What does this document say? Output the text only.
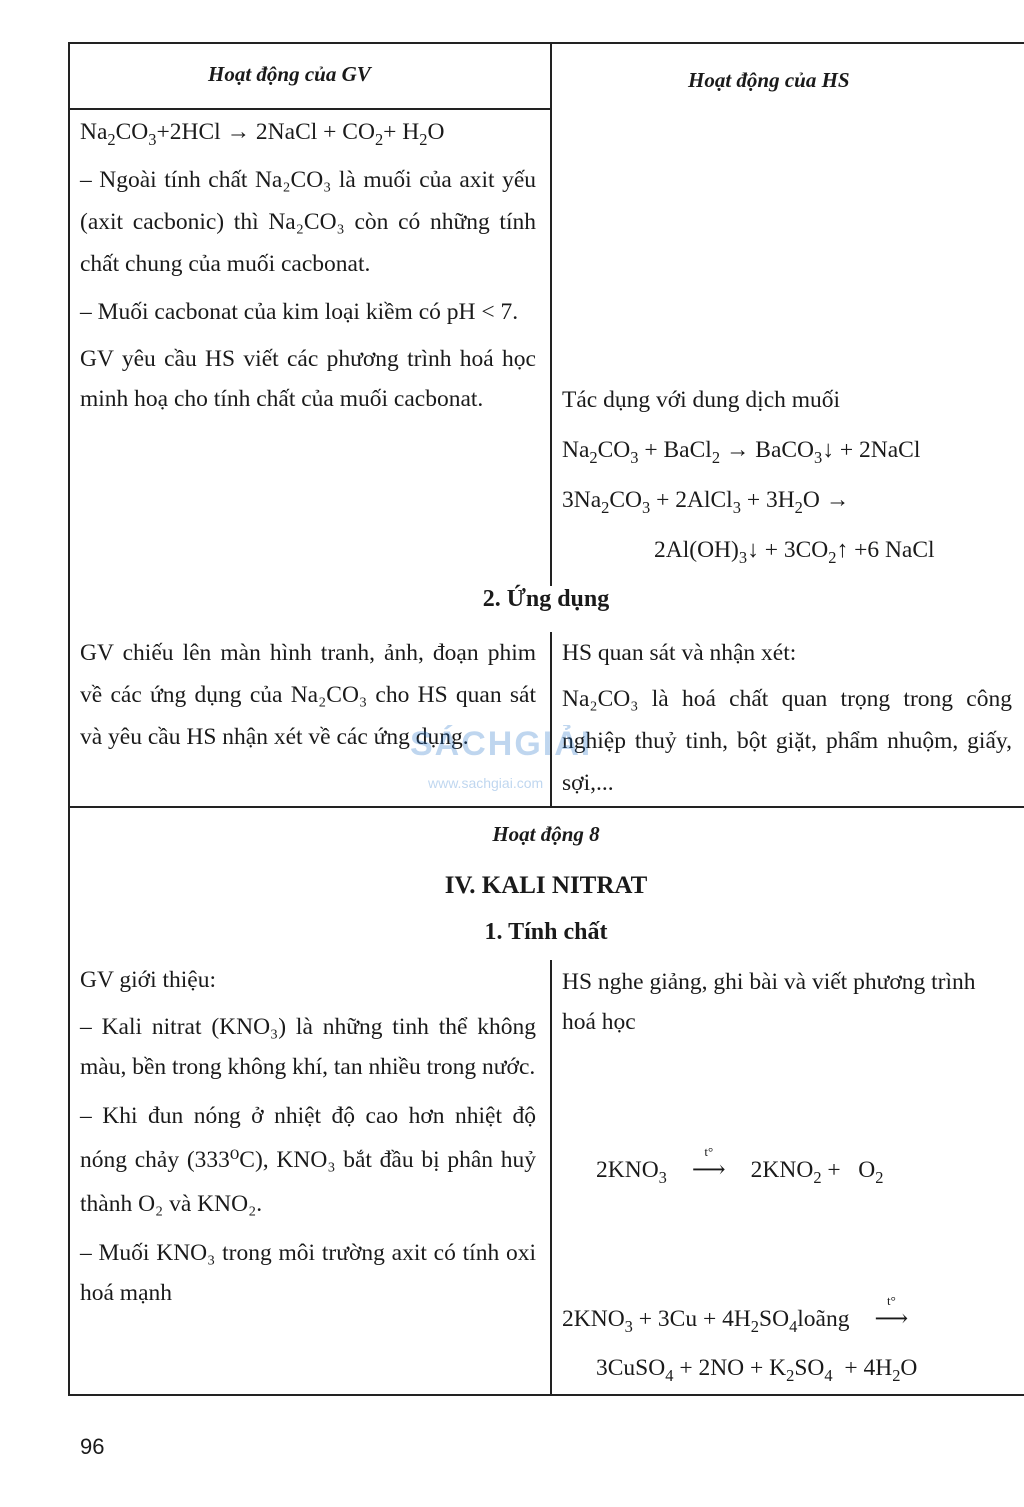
Hoạt động của GV	Hoạt động của HS

$Na_2CO_3+2HCl$ → 2NaCl + $CO_2+ H_2O$

– Ngoài tính chất Na₂CO₃ là muối của axit yếu (axit cacbonic) thì Na₂CO₃ còn có những tính chất chung của muối cacbonat.

– Muối cacbonat của kim loại kiềm có pH < 7.

GV yêu cầu HS viết các phương trình hoá học minh hoạ cho tính chất của muối cacbonat.	Tác dụng với dung dịch muối

$Na_2CO_3$ + BaCl$_2$ → BaCO$_3$↓ + 2NaCl

$3Na_2CO_3$ + 2AlCl$_3$ + $3H_2O$ →

$2Al(OH)_3↓$ + $3CO_2↑ +6$ NaCl

2. Ứng dụng

GV chiếu lên màn hình tranh, ảnh, đoạn phim về các ứng dụng của Na₂CO₃ cho HS quan sát và yêu cầu HS nhận xét về các ứng dụng.

HS quan sát và nhận xét:

Na₂CO₃ là hoá chất quan trọng trong công nghiệp thuỷ tinh, bột giặt, phẩm nhuộm, giấy, sợi,...

Hoạt động 8
IV. KALI NITRAT
1. Tính chất

GV giới thiệu:

– Kali nitrat (KNO₃) là những tinh thể không màu, bền trong không khí, tan nhiều trong nước.

– Khi đun nóng ở nhiệt độ cao hơn nhiệt độ nóng chảy (333⁰C), KNO₃ bắt đầu bị phân huỷ thành O₂ và KNO₂.

– Muối KNO₃ trong môi trường axit có tính oxi hoá mạnh

HS nghe giảng, ghi bài và viết phương trình hoá học

$2KNO_3$
t°
⟶ $2KNO_2 + O_2$
$2KNO_3 + 3Cu$ + $4H_2SO_4loãng$
t°
⟶
3CuSO$_4$ + $2NO + K_2SO_4 + 4H_2O$
SÁCHGIẢI
www.sachgiai.com
96
